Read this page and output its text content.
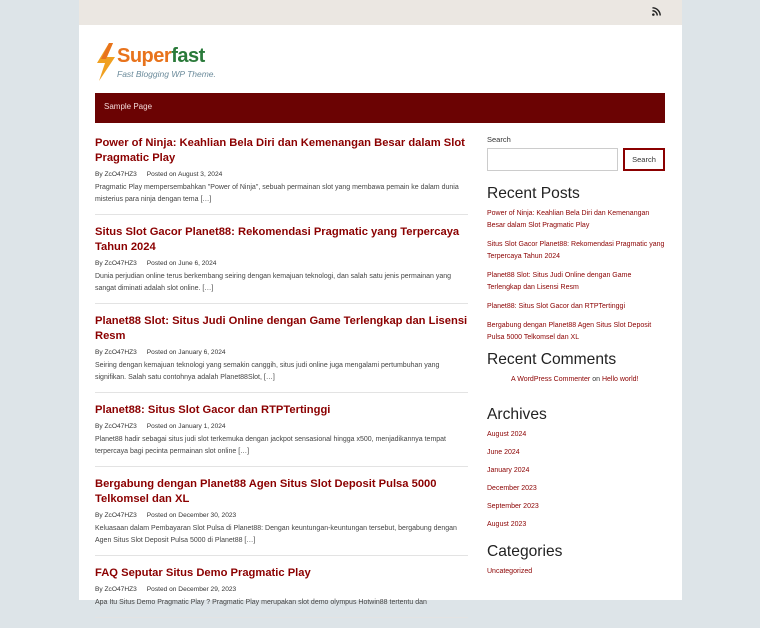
Superfast
Fast Blogging WP Theme.
Sample Page
Power of Ninja: Keahlian Bela Diri dan Kemenangan Besar dalam Slot Pragmatic Play
By ZcO47HZ3 Posted on August 3, 2024
Pragmatic Play mempersembahkan "Power of Ninja", sebuah permainan slot yang membawa pemain ke dalam dunia misterius para ninja dengan tema […]
Situs Slot Gacor Planet88: Rekomendasi Pragmatic yang Terpercaya Tahun 2024
By ZcO47HZ3 Posted on June 6, 2024
Dunia perjudian online terus berkembang seiring dengan kemajuan teknologi, dan salah satu jenis permainan yang sangat diminati adalah slot online. […]
Planet88 Slot: Situs Judi Online dengan Game Terlengkap dan Lisensi Resm
By ZcO47HZ3 Posted on January 6, 2024
Seiring dengan kemajuan teknologi yang semakin canggih, situs judi online juga mengalami pertumbuhan yang signifikan. Salah satu contohnya adalah Planet88Slot, […]
Planet88: Situs Slot Gacor dan RTPTertinggi
By ZcO47HZ3 Posted on January 1, 2024
Planet88 hadir sebagai situs judi slot terkemuka dengan jackpot sensasional hingga x500, menjadikannya tempat terpercaya bagi pecinta permainan slot online […]
Bergabung dengan Planet88 Agen Situs Slot Deposit Pulsa 5000 Telkomsel dan XL
By ZcO47HZ3 Posted on December 30, 2023
Keluasaan dalam Pembayaran Slot Pulsa di Planet88: Dengan keuntungan-keuntungan tersebut, bergabung dengan Agen Situs Slot Deposit Pulsa 5000 di Planet88 […]
FAQ Seputar Situs Demo Pragmatic Play
By ZcO47HZ3 Posted on December 29, 2023
Apa Itu Situs Demo Pragmatic Play ? Pragmatic Play merupakan slot demo olympus Hotwin88 tertentu dan
Search
Search
Recent Posts
Power of Ninja: Keahlian Bela Diri dan Kemenangan Besar dalam Slot Pragmatic Play
Situs Slot Gacor Planet88: Rekomendasi Pragmatic yang Terpercaya Tahun 2024
Planet88 Slot: Situs Judi Online dengan Game Terlengkap dan Lisensi Resm
Planet88: Situs Slot Gacor dan RTPTertinggi
Bergabung dengan Planet88 Agen Situs Slot Deposit Pulsa 5000 Telkomsel dan XL
Recent Comments
A WordPress Commenter on Hello world!
Archives
August 2024
June 2024
January 2024
December 2023
September 2023
August 2023
Categories
Uncategorized
